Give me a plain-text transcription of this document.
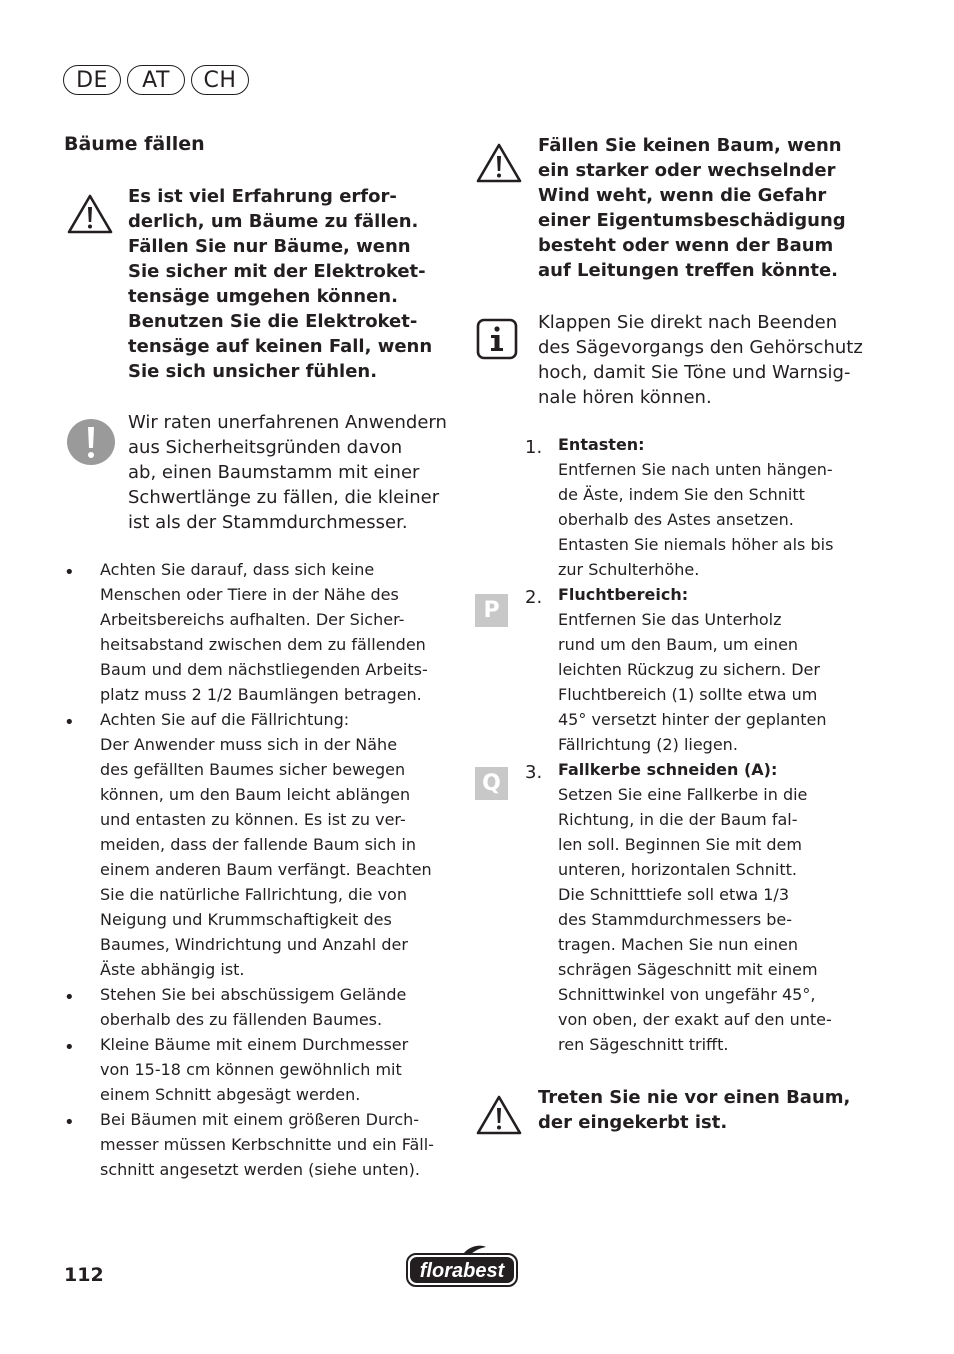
DE	AT	CH
Bäume fällen
Es ist viel Erfahrung erfor-
derlich, um Bäume zu fällen.
Fällen Sie nur Bäume, wenn
Sie sicher mit der Elektroket-
tensäge umgehen können.
Benutzen Sie die Elektroket-
tensäge auf keinen Fall, wenn
Sie sich unsicher fühlen.
Wir raten unerfahrenen Anwendern
aus Sicherheitsgründen davon
ab, einen Baumstamm mit einer
Schwertlänge zu fällen, die kleiner
ist als der Stammdurchmesser.
•	Achten Sie darauf, dass sich keine
Menschen oder Tiere in der Nähe des
Arbeitsbereichs aufhalten. Der Sicher-
heitsabstand zwischen dem zu fällenden
Baum und dem nächstliegenden Arbeits-
platz muss 2 1/2 Baumlängen betragen.
•	Achten Sie auf die Fällrichtung:
Der Anwender muss sich in der Nähe
des gefällten Baumes sicher bewegen
können, um den Baum leicht ablängen
und entasten zu können. Es ist zu ver-
meiden, dass der fallende Baum sich in
einem anderen Baum verfängt. Beachten
Sie die natürliche Fallrichtung, die von
Neigung und Krummschaftigkeit des
Baumes, Windrichtung und Anzahl der
Äste abhängig ist.
•	Stehen Sie bei abschüssigem Gelände
oberhalb des zu fällenden Baumes.
•	Kleine Bäume mit einem Durchmesser
von 15-18 cm können gewöhnlich mit
einem Schnitt abgesägt werden.
•	Bei Bäumen mit einem größeren Durch-
messer müssen Kerbschnitte und ein Fäll-
schnitt angesetzt werden (siehe unten).
Fällen Sie keinen Baum, wenn
ein starker oder wechselnder
Wind weht, wenn die Gefahr
einer Eigentumsbeschädigung
besteht oder wenn der Baum
auf Leitungen treffen könnte.
Klappen Sie direkt nach Beenden
des Sägevorgangs den Gehörschutz
hoch, damit Sie Töne und Warnsig-
nale hören können.
P
Q
1. Entasten:
Entfernen Sie nach unten hängen-
de Äste, indem Sie den Schnitt
oberhalb des Astes ansetzen.
Entasten Sie niemals höher als bis
zur Schulterhöhe.
2. Fluchtbereich:
Entfernen Sie das Unterholz
rund um den Baum, um einen
leichten Rückzug zu sichern. Der
Fluchtbereich (1) sollte etwa um
45° versetzt hinter der geplanten
Fällrichtung (2) liegen.
3. Fallkerbe schneiden (A):
Setzen Sie eine Fallkerbe in die
Richtung, in die der Baum fal-
len soll. Beginnen Sie mit dem
unteren, horizontalen Schnitt.
Die Schnitttiefe soll etwa 1/3
des Stammdurchmessers be-
tragen. Machen Sie nun einen
schrägen Sägeschnitt mit einem
Schnittwinkel von ungefähr 45°,
von oben, der exakt auf den unte-
ren Sägeschnitt trifft.
Treten Sie nie vor einen Baum,
der eingekerbt ist.
112	florabest
